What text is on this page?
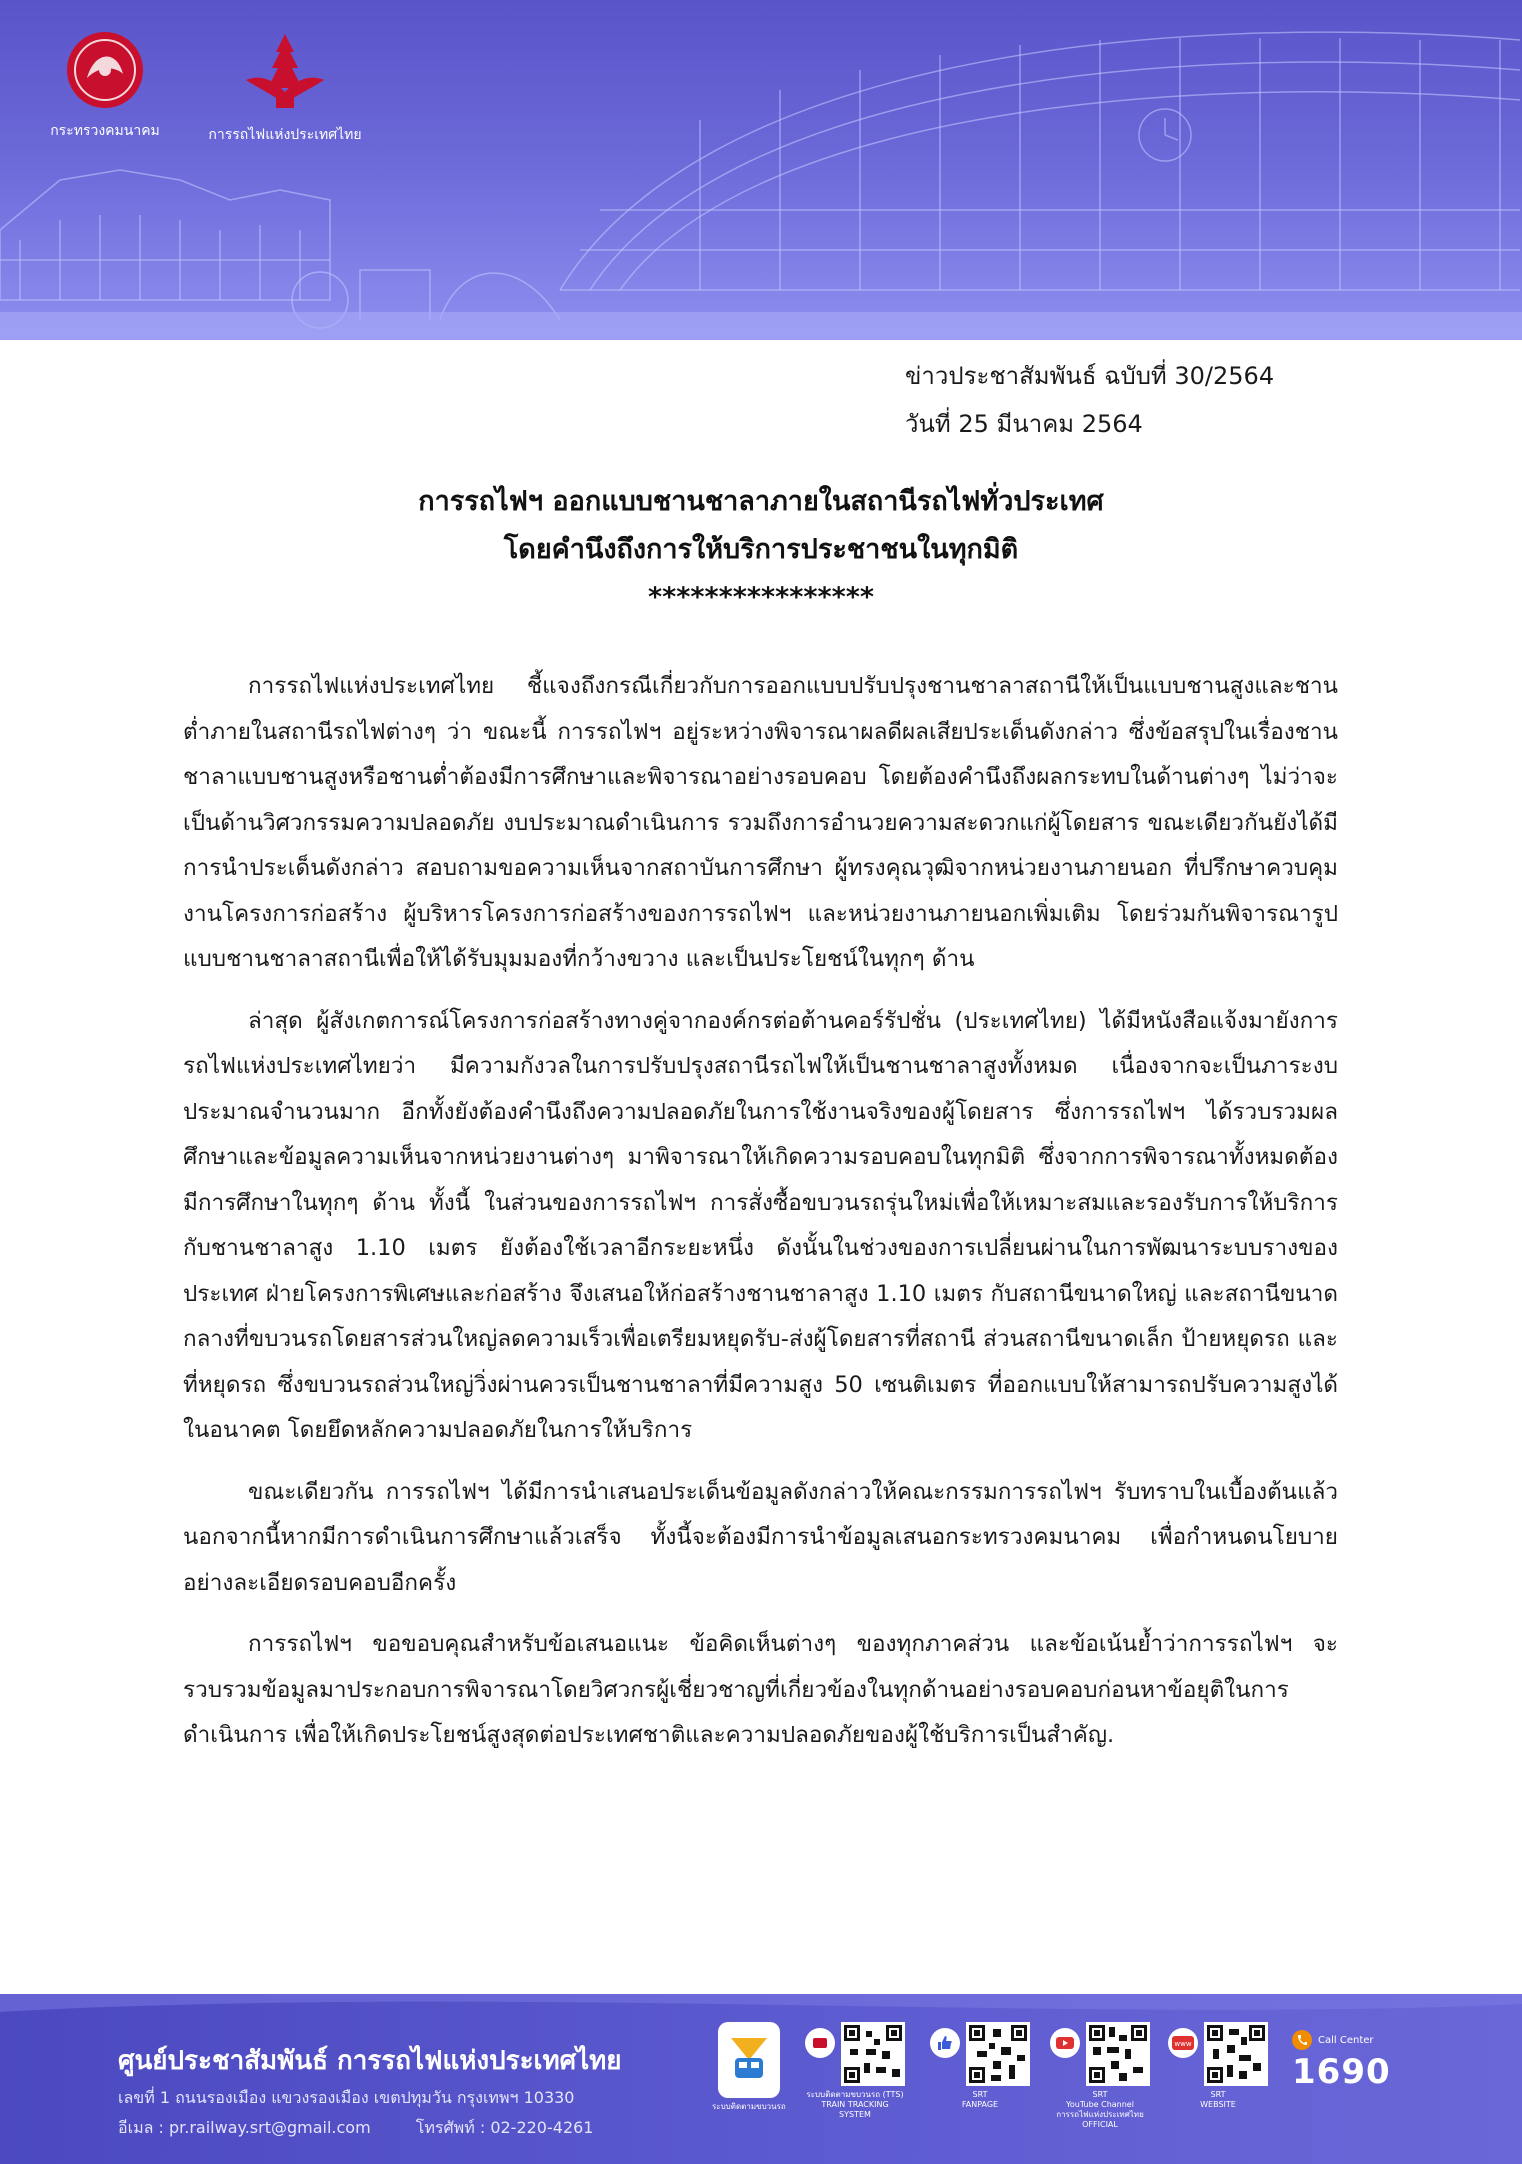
กระทรวงคมนาคม	การรถไฟแห่งประเทศไทย
ข่าวประชาสัมพันธ์ ฉบับที่ 30/2564
วันที่ 25 มีนาคม 2564
การรถไฟฯ ออกแบบชานชาลาภายในสถานีรถไฟทั่วประเทศ
โดยคำนึงถึงการให้บริการประชาชนในทุกมิติ
****************

การรถไฟแห่งประเทศไทย ชี้แจงถึงกรณีเกี่ยวกับการออกแบบปรับปรุงชานชาลาสถานีให้เป็นแบบชานสูงและชานต่ำภายในสถานีรถไฟต่างๆ ว่า ขณะนี้ การรถไฟฯ อยู่ระหว่างพิจารณาผลดีผลเสียประเด็นดังกล่าว ซึ่งข้อสรุปในเรื่องชานชาลาแบบชานสูงหรือชานต่ำต้องมีการศึกษาและพิจารณาอย่างรอบคอบ โดยต้องคำนึงถึงผลกระทบในด้านต่างๆ ไม่ว่าจะเป็นด้านวิศวกรรมความปลอดภัย งบประมาณดำเนินการ รวมถึงการอำนวยความสะดวกแก่ผู้โดยสาร ขณะเดียวกันยังได้มีการนำประเด็นดังกล่าว สอบถามขอความเห็นจากสถาบันการศึกษา ผู้ทรงคุณวุฒิจากหน่วยงานภายนอก ที่ปรึกษาควบคุมงานโครงการก่อสร้าง ผู้บริหารโครงการก่อสร้างของการรถไฟฯ และหน่วยงานภายนอกเพิ่มเติม โดยร่วมกันพิจารณารูปแบบชานชาลาสถานีเพื่อให้ได้รับมุมมองที่กว้างขวาง และเป็นประโยชน์ในทุกๆ ด้าน

ล่าสุด ผู้สังเกตการณ์โครงการก่อสร้างทางคู่จากองค์กรต่อต้านคอร์รัปชั่น (ประเทศไทย) ได้มีหนังสือแจ้งมายังการรถไฟแห่งประเทศไทยว่า มีความกังวลในการปรับปรุงสถานีรถไฟให้เป็นชานชาลาสูงทั้งหมด เนื่องจากจะเป็นภาระงบประมาณจำนวนมาก อีกทั้งยังต้องคำนึงถึงความปลอดภัยในการใช้งานจริงของผู้โดยสาร ซึ่งการรถไฟฯ ได้รวบรวมผลศึกษาและข้อมูลความเห็นจากหน่วยงานต่างๆ มาพิจารณาให้เกิดความรอบคอบในทุกมิติ ซึ่งจากการพิจารณาทั้งหมดต้องมีการศึกษาในทุกๆ ด้าน ทั้งนี้ ในส่วนของการรถไฟฯ การสั่งซื้อขบวนรถรุ่นใหม่เพื่อให้เหมาะสมและรองรับการให้บริการกับชานชาลาสูง 1.10 เมตร ยังต้องใช้เวลาอีกระยะหนึ่ง ดังนั้นในช่วงของการเปลี่ยนผ่านในการพัฒนาระบบรางของประเทศ ฝ่ายโครงการพิเศษและก่อสร้าง จึงเสนอให้ก่อสร้างชานชาลาสูง 1.10 เมตร กับสถานีขนาดใหญ่ และสถานีขนาดกลางที่ขบวนรถโดยสารส่วนใหญ่ลดความเร็วเพื่อเตรียมหยุดรับ-ส่งผู้โดยสารที่สถานี ส่วนสถานีขนาดเล็ก ป้ายหยุดรถ และที่หยุดรถ ซึ่งขบวนรถส่วนใหญ่วิ่งผ่านควรเป็นชานชาลาที่มีความสูง 50 เซนติเมตร ที่ออกแบบให้สามารถปรับความสูงได้ในอนาคต โดยยึดหลักความปลอดภัยในการให้บริการ

ขณะเดียวกัน การรถไฟฯ ได้มีการนำเสนอประเด็นข้อมูลดังกล่าวให้คณะกรรมการรถไฟฯ รับทราบในเบื้องต้นแล้ว นอกจากนี้หากมีการดำเนินการศึกษาแล้วเสร็จ ทั้งนี้จะต้องมีการนำข้อมูลเสนอกระทรวงคมนาคม เพื่อกำหนดนโยบายอย่างละเอียดรอบคอบอีกครั้ง

การรถไฟฯ ขอขอบคุณสำหรับข้อเสนอแนะ ข้อคิดเห็นต่างๆ ของทุกภาคส่วน และข้อเน้นย้ำว่าการรถไฟฯ จะรวบรวมข้อมูลมาประกอบการพิจารณาโดยวิศวกรผู้เชี่ยวชาญที่เกี่ยวข้องในทุกด้านอย่างรอบคอบก่อนหาข้อยุติในการดำเนินการ เพื่อให้เกิดประโยชน์สูงสุดต่อประเทศชาติและความปลอดภัยของผู้ใช้บริการเป็นสำคัญ.

ศูนย์ประชาสัมพันธ์ การรถไฟแห่งประเทศไทย
เลขที่ 1 ถนนรองเมือง แขวงรองเมือง เขตปทุมวัน กรุงเทพฯ 10330
อีเมล : pr.railway.srt@gmail.com	โทรศัพท์ : 02-220-4261
ระบบติดตามขบวนรถ
ระบบติดตามขบวนรถ (TTS)
TRAIN TRACKING
SYSTEM
SRT
FANPAGE
SRT
YouTube Channel
การรถไฟแห่งประเทศไทย
OFFICIAL
www
SRT
WEBSITE
Call Center
1690
